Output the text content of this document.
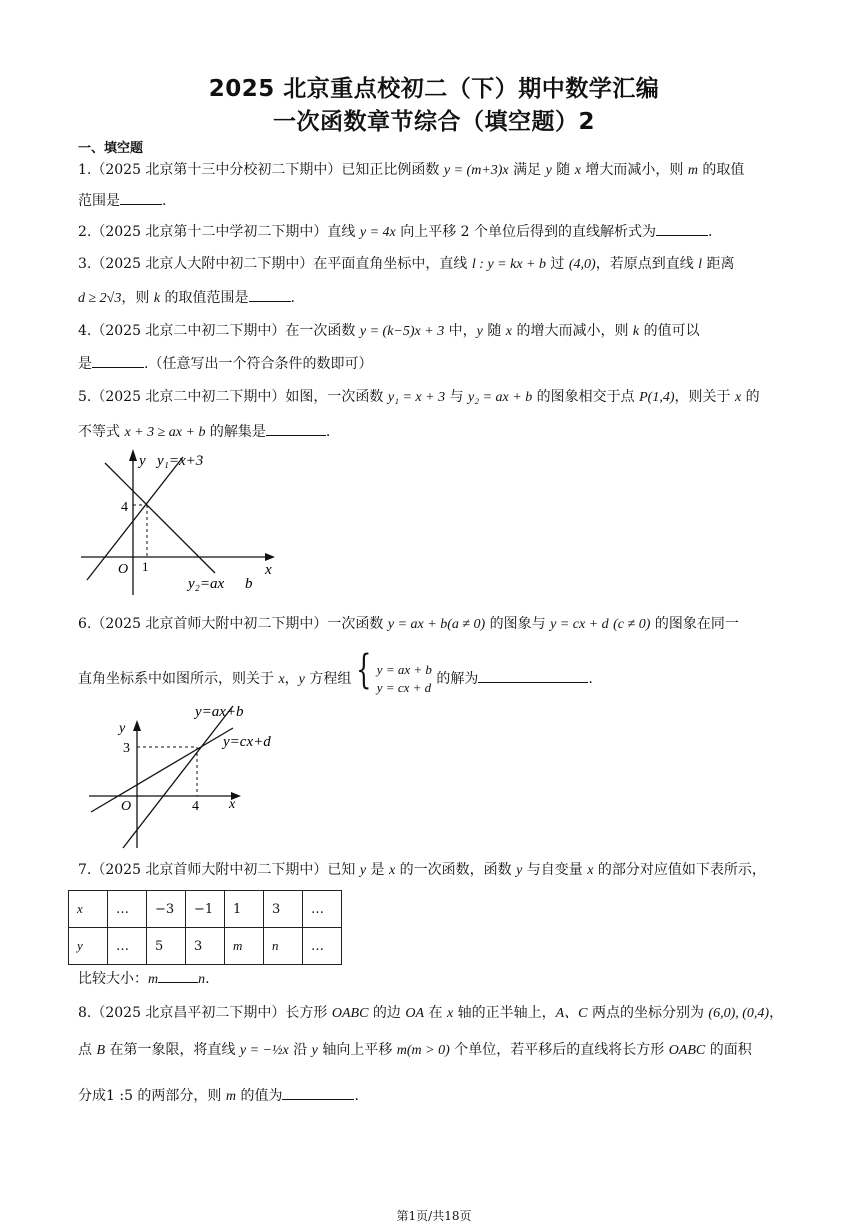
2025 北京重点校初二（下）期中数学汇编
一次函数章节综合（填空题）2
一、填空题
1.（2025 北京第十三中分校初二下期中）已知正比例函数 y = (m+3)x 满足 y 随 x 增大而减小，则 m 的取值
范围是	.
2.（2025 北京第十二中学初二下期中）直线 y = 4x 向上平移 2 个单位后得到的直线解析式为	.
3.（2025 北京人大附中初二下期中）在平面直角坐标中，直线 l : y = kx + b 过 (4,0)，若原点到直线 l 距离
d ≥ 2√3，则 k 的取值范围是	.
4.（2025 北京二中初二下期中）在一次函数 y = (k−5)x + 3 中，y 随 x 的增大而减小，则 k 的值可以
是	.（任意写出一个符合条件的数即可）
5.（2025 北京二中初二下期中）如图，一次函数 y₁ = x + 3 与 y₂ = ax + b 的图象相交于点 P(1,4)，则关于 x 的
不等式 x + 3 ≥ ax + b 的解集是	.
y
x
O
4
1
y₁=x+3
y₂=ax b
6.（2025 北京首师大附中初二下期中）一次函数 y = ax + b(a ≠ 0) 的图象与 y = cx + d (c ≠ 0) 的图象在同一
直角坐标系中如图所示，则关于 x，y 方程组 { y = ax + b
y = cx + d
的解为	.
y
x
O
3
4
y=ax+b
y=cx+d
7.（2025 北京首师大附中初二下期中）已知 y 是 x 的一次函数，函数 y 与自变量 x 的部分对应值如下表所示，
x	…	−3	−1	1	3	…
y	…	5	3	m	n	…
比较大小：m	n.
8.（2025 北京昌平初二下期中）长方形 OABC 的边 OA 在 x 轴的正半轴上，A、C 两点的坐标分别为 (6,0), (0,4)，
点 B 在第一象限，将直线 y = −½x 沿 y 轴向上平移 m(m > 0) 个单位，若平移后的直线将长方形 OABC 的面积
分成1 :5 的两部分，则 m 的值为	.
第1页/共18页
